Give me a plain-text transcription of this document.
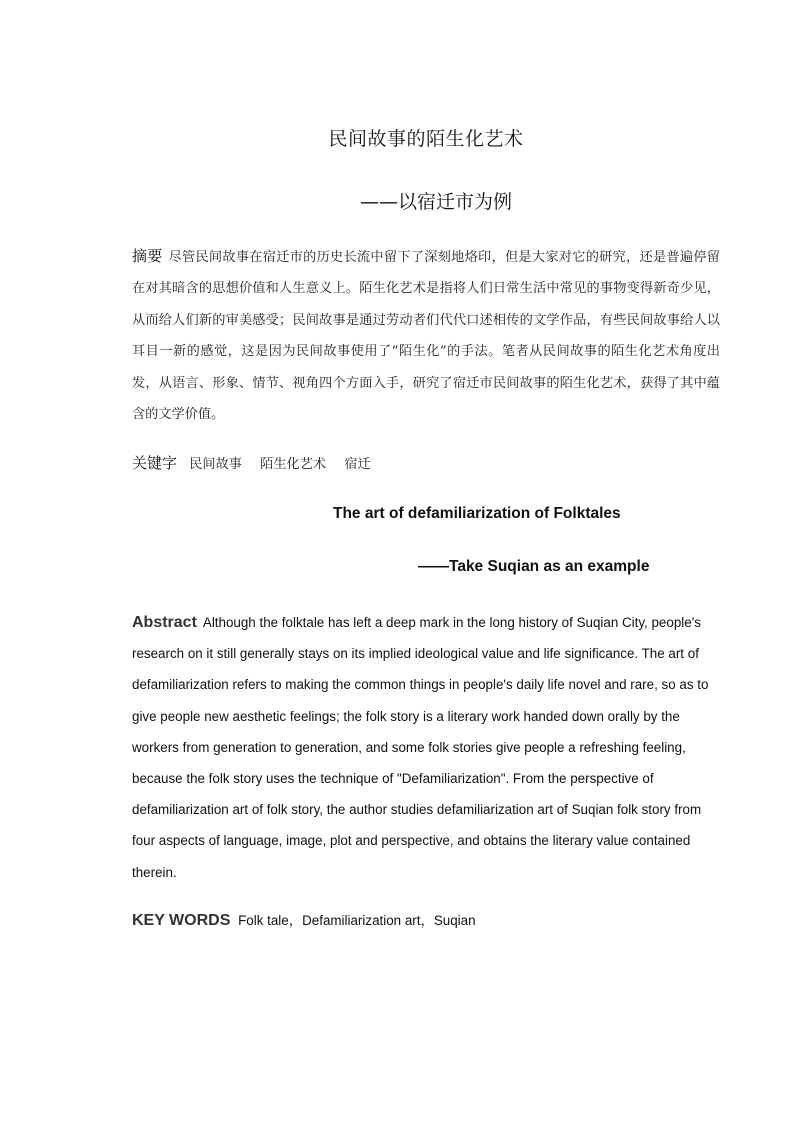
民间故事的陌生化艺术
——以宿迁市为例
摘要 尽管民间故事在宿迁市的历史长流中留下了深刻地烙印，但是大家对它的研究，还是普遍停留在对其暗含的思想价值和人生意义上。陌生化艺术是指将人们日常生活中常见的事物变得新奇少见，从而给人们新的审美感受；民间故事是通过劳动者们代代口述相传的文学作品，有些民间故事给人以耳目一新的感觉，这是因为民间故事使用了“陌生化”的手法。笔者从民间故事的陌生化艺术角度出发，从语言、形象、情节、视角四个方面入手，研究了宿迁市民间故事的陌生化艺术，获得了其中蕴含的文学价值。
关键字 民间故事 陌生化艺术 宿迁
The art of defamiliarization of Folktales
——Take Suqian as an example
Abstract Although the folktale has left a deep mark in the long history of Suqian City, people's research on it still generally stays on its implied ideological value and life significance. The art of defamiliarization refers to making the common things in people's daily life novel and rare, so as to give people new aesthetic feelings; the folk story is a literary work handed down orally by the workers from generation to generation, and some folk stories give people a refreshing feeling, because the folk story uses the technique of "Defamiliarization". From the perspective of defamiliarization art of folk story, the author studies defamiliarization art of Suqian folk story from four aspects of language, image, plot and perspective, and obtains the literary value contained therein.
KEY WORDS Folk tale，Defamiliarization art，Suqian
